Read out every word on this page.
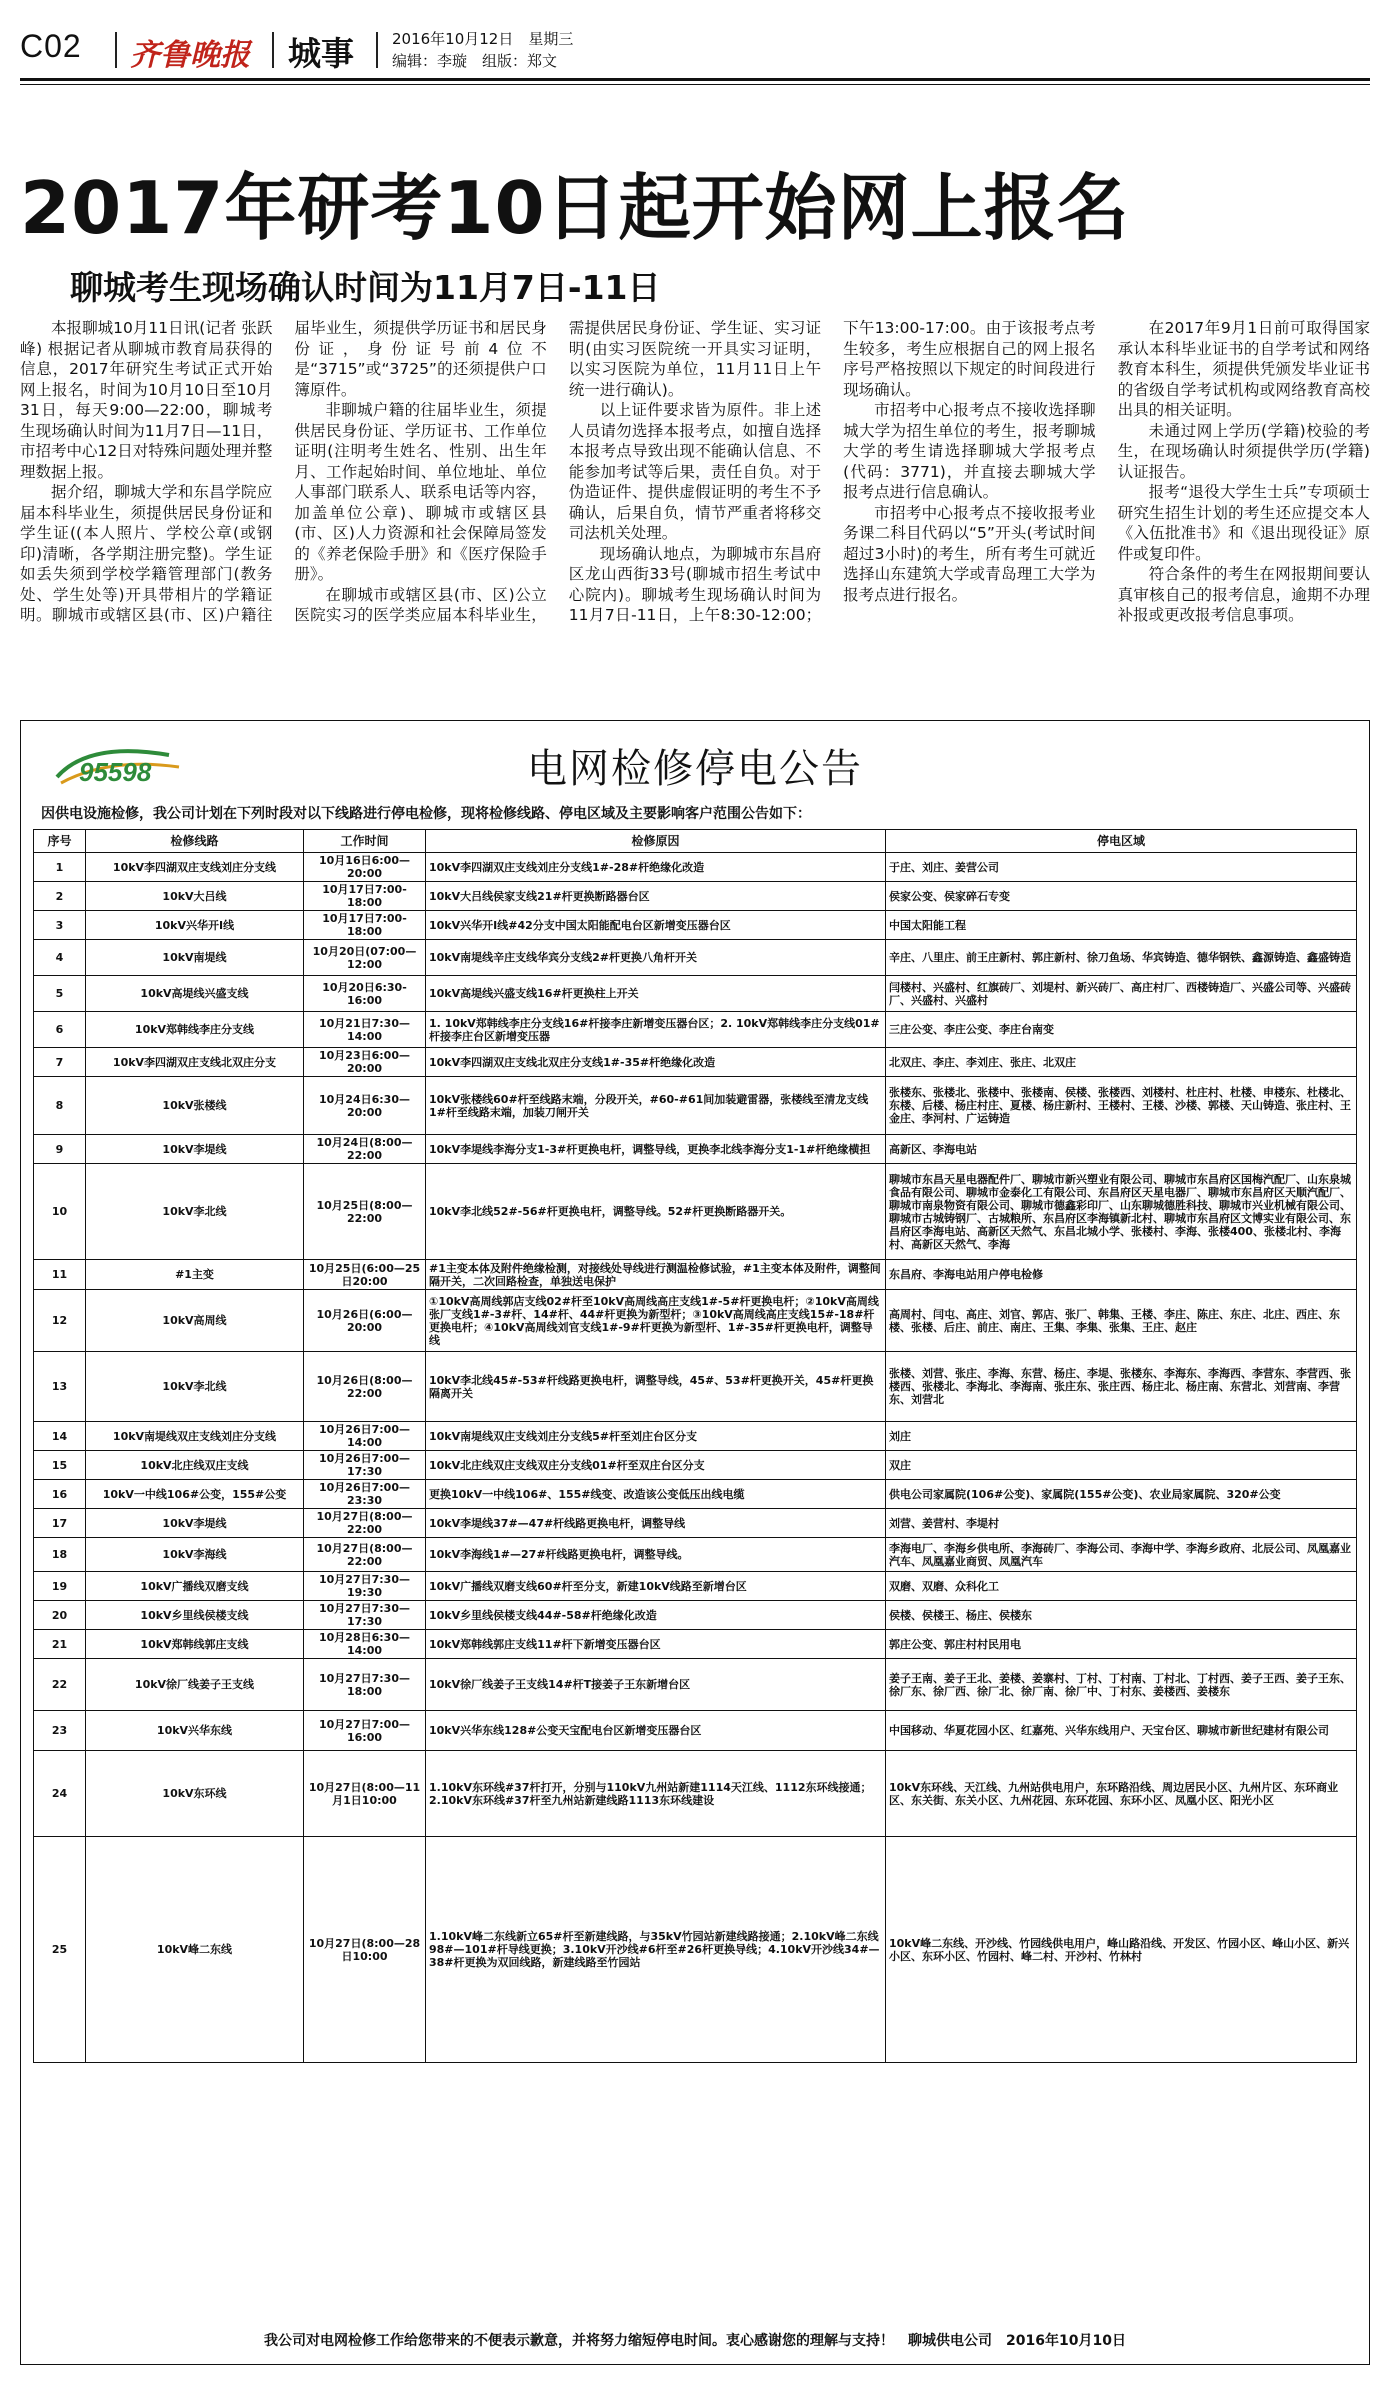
C02 齐鲁晚报 城事	2016年10月12日　星期三
编辑：李璇　组版：郑文
2017年研考10日起开始网上报名
聊城考生现场确认时间为11月7日-11日

本报聊城10月11日讯(记者 张跃峰) 根据记者从聊城市教育局获得的信息，2017年研究生考试正式开始网上报名，时间为10月10日至10月31日，每天9:00—22:00，聊城考生现场确认时间为11月7日—11日，市招考中心12日对特殊问题处理并整理数据上报。

据介绍，聊城大学和东昌学院应届本科毕业生，须提供居民身份证和学生证((本人照片、学校公章(或钢印)清晰，各学期注册完整)。学生证如丢失须到学校学籍管理部门(教务处、学生处等)开具带相片的学籍证明。聊城市或辖区县(市、区)户籍往届毕业生，须提供学历证书和居民身份证，身份证号前4位不是“3715”或“3725”的还须提供户口簿原件。

非聊城户籍的往届毕业生，须提供居民身份证、学历证书、工作单位证明(注明考生姓名、性别、出生年月、工作起始时间、单位地址、单位人事部门联系人、联系电话等内容，加盖单位公章)、聊城市或辖区县(市、区)人力资源和社会保障局签发的《养老保险手册》和《医疗保险手册》。

在聊城市或辖区县(市、区)公立医院实习的医学类应届本科毕业生，需提供居民身份证、学生证、实习证明(由实习医院统一开具实习证明，以实习医院为单位，11月11日上午统一进行确认)。

以上证件要求皆为原件。非上述人员请勿选择本报考点，如擅自选择本报考点导致出现不能确认信息、不能参加考试等后果，责任自负。对于伪造证件、提供虚假证明的考生不予确认，后果自负，情节严重者将移交司法机关处理。

现场确认地点，为聊城市东昌府区龙山西街33号(聊城市招生考试中心院内)。聊城考生现场确认时间为11月7日-11日，上午8:30-12:00；下午13:00-17:00。由于该报考点考生较多，考生应根据自己的网上报名序号严格按照以下规定的时间段进行现场确认。

市招考中心报考点不接收选择聊城大学为招生单位的考生，报考聊城大学的考生请选择聊城大学报考点(代码：3771)，并直接去聊城大学报考点进行信息确认。

市招考中心报考点不接收报考业务课二科目代码以“5”开头(考试时间超过3小时)的考生，所有考生可就近选择山东建筑大学或青岛理工大学为报考点进行报名。

在2017年9月1日前可取得国家承认本科毕业证书的自学考试和网络教育本科生，须提供凭颁发毕业证书的省级自学考试机构或网络教育高校出具的相关证明。

未通过网上学历(学籍)校验的考生，在现场确认时须提供学历(学籍)认证报告。

报考“退役大学生士兵”专项硕士研究生招生计划的考生还应提交本人《入伍批准书》和《退出现役证》原件或复印件。

符合条件的考生在网报期间要认真审核自己的报考信息，逾期不办理补报或更改报考信息事项。

95598	电网检修停电公告
因供电设施检修，我公司计划在下列时段对以下线路进行停电检修，现将检修线路、停电区域及主要影响客户范围公告如下：
序号	检修线路	工作时间	检修原因	停电区域
1	10kV李四湖双庄支线刘庄分支线	10月16日6:00—20:00	10kV李四湖双庄支线刘庄分支线1#-28#杆绝缘化改造	于庄、刘庄、姜营公司
2	10kV大吕线	10月17日7:00-18:00	10kV大吕线侯家支线21#杆更换断路器台区	侯家公变、侯家碎石专变
3	10kV兴华开Ⅰ线	10月17日7:00-18:00	10kV兴华开Ⅰ线#42分支中国太阳能配电台区新增变压器台区	中国太阳能工程
4	10kV南堤线	10月20日(07:00—12:00	10kV南堤线辛庄支线华宾分支线2#杆更换八角杆开关	辛庄、八里庄、前王庄新村、郭庄新村、徐刀鱼场、华宾铸造、德华钢铁、鑫源铸造、鑫盛铸造
5	10kV高堤线兴盛支线	10月20日6:30-16:00	10kV高堤线兴盛支线16#杆更换柱上开关	闫楼村、兴盛村、红旗砖厂、刘堤村、新兴砖厂、高庄村厂、西楼铸造厂、兴盛公司等、兴盛砖厂、兴盛村、兴盛村
6	10kV郑韩线李庄分支线	10月21日7:30—14:00	1. 10kV郑韩线李庄分支线16#杆接李庄新增变压器台区；2. 10kV郑韩线李庄分支线01#杆接李庄台区新增变压器	三庄公变、李庄公变、李庄台南变
7	10kV李四湖双庄支线北双庄分支	10月23日6:00—20:00	10kV李四湖双庄支线北双庄分支线1#-35#杆绝缘化改造	北双庄、李庄、李刘庄、张庄、北双庄
8	10kV张楼线	10月24日6:30—20:00	10kV张楼线60#杆至线路末端，分段开关，#60-#61间加装避雷器，张楼线至清龙支线1#杆至线路末端，加装刀闸开关	张楼东、张楼北、张楼中、张楼南、侯楼、张楼西、刘楼村、杜庄村、杜楼、申楼东、杜楼北、东楼、后楼、杨庄村庄、夏楼、杨庄新村、王楼村、王楼、沙楼、郭楼、天山铸造、张庄村、王金庄、李河村、广运铸造
9	10kV李堤线	10月24日(8:00—22:00	10kV李堤线李海分支1-3#杆更换电杆，调整导线，更换李北线李海分支1-1#杆绝缘横担	高新区、李海电站
10	10kV李北线	10月25日(8:00—22:00	10kV李北线52#-56#杆更换电杆，调整导线。52#杆更换断路器开关。	聊城市东昌天星电器配件厂、聊城市新兴塑业有限公司、聊城市东昌府区国梅汽配厂、山东泉城食品有限公司、聊城市金泰化工有限公司、东昌府区天星电器厂、聊城市东昌府区天顺汽配厂、聊城市南泉物资有限公司、聊城市德鑫彩印厂、山东聊城德胜科技、聊城市兴业机械有限公司、聊城市古城铸钢厂、古城粮所、东昌府区李海镇新北村、聊城市东昌府区文博实业有限公司、东昌府区李海电站、高新区天然气、东昌北城小学、张楼村、李海、张楼400、张楼北村、李海村、高新区天然气、李海
11	#1主变	10月25日(6:00—25日20:00	#1主变本体及附件绝缘检测，对接线处导线进行测温检修试验，#1主变本体及附件，调整间隔开关，二次回路检查，单独送电保护	东昌府、李海电站用户停电检修
12	10kV高周线	10月26日(6:00—20:00	①10kV高周线郭店支线02#杆至10kV高周线高庄支线1#-5#杆更换电杆；②10kV高周线张厂支线1#-3#杆、14#杆、44#杆更换为新型杆；③10kV高周线高庄支线15#-18#杆更换电杆；④10kV高周线刘官支线1#-9#杆更换为新型杆、1#-35#杆更换电杆，调整导线	高周村、闫屯、高庄、刘官、郭店、张厂、韩集、王楼、李庄、陈庄、东庄、北庄、西庄、东楼、张楼、后庄、前庄、南庄、王集、李集、张集、王庄、赵庄
13	10kV李北线	10月26日(8:00—22:00	10kV李北线45#-53#杆线路更换电杆，调整导线，45#、53#杆更换开关，45#杆更换隔离开关	张楼、刘营、张庄、李海、东营、杨庄、李堤、张楼东、李海东、李海西、李营东、李营西、张楼西、张楼北、李海北、李海南、张庄东、张庄西、杨庄北、杨庄南、东营北、刘营南、李营东、刘营北
14	10kV南堤线双庄支线刘庄分支线	10月26日7:00—14:00	10kV南堤线双庄支线刘庄分支线5#杆至刘庄台区分支	刘庄
15	10kV北庄线双庄支线	10月26日7:00—17:30	10kV北庄线双庄支线双庄分支线01#杆至双庄台区分支	双庄
16	10kV一中线106#公变，155#公变	10月26日7:00—23:30	更换10kV一中线106#、155#线变、改造该公变低压出线电缆	供电公司家属院(106#公变)、家属院(155#公变)、农业局家属院、320#公变
17	10kV李堤线	10月27日(8:00—22:00	10kV李堤线37#—47#杆线路更换电杆，调整导线	刘营、姜营村、李堤村
18	10kV李海线	10月27日(8:00—22:00	10kV李海线1#—27#杆线路更换电杆，调整导线。	李海电厂、李海乡供电所、李海砖厂、李海公司、李海中学、李海乡政府、北辰公司、凤凰嘉业汽车、凤凰嘉业商贸、凤凰汽车
19	10kV广播线双磨支线	10月27日7:30—19:30	10kV广播线双磨支线60#杆至分支，新建10kV线路至新增台区	双磨、双磨、众科化工
20	10kV乡里线侯楼支线	10月27日7:30—17:30	10kV乡里线侯楼支线44#-58#杆绝缘化改造	侯楼、侯楼王、杨庄、侯楼东
21	10kV郑韩线郭庄支线	10月28日6:30—14:00	10kV郑韩线郭庄支线11#杆下新增变压器台区	郭庄公变、郭庄村村民用电
22	10kV徐厂线姜子王支线	10月27日7:30—18:00	10kV徐厂线姜子王支线14#杆T接姜子王东新增台区	姜子王南、姜子王北、姜楼、姜寨村、丁村、丁村南、丁村北、丁村西、姜子王西、姜子王东、徐厂东、徐厂西、徐厂北、徐厂南、徐厂中、丁村东、姜楼西、姜楼东
23	10kV兴华东线	10月27日7:00—16:00	10kV兴华东线128#公变天宝配电台区新增变压器台区	中国移动、华夏花园小区、红嘉苑、兴华东线用户、天宝台区、聊城市新世纪建材有限公司
24	10kV东环线	10月27日(8:00—11月1日10:00	1.10kV东环线#37杆打开，分别与110kV九州站新建1114天江线、1112东环线接通；2.10kV东环线#37杆至九州站新建线路1113东环线建设	10kV东环线、天江线、九州站供电用户，东环路沿线、周边居民小区、九州片区、东环商业区、东关街、东关小区、九州花园、东环花园、东环小区、凤凰小区、阳光小区
25	10kV峰二东线	10月27日(8:00—28日10:00	1.10kV峰二东线新立65#杆至新建线路，与35kV竹园站新建线路接通；2.10kV峰二东线98#—101#杆导线更换；3.10kV开沙线#6杆至#26杆更换导线；4.10kV开沙线34#—38#杆更换为双回线路，新建线路至竹园站	10kV峰二东线、开沙线、竹园线供电用户，峰山路沿线、开发区、竹园小区、峰山小区、新兴小区、东环小区、竹园村、峰二村、开沙村、竹林村
我公司对电网检修工作给您带来的不便表示歉意，并将努力缩短停电时间。衷心感谢您的理解与支持！　聊城供电公司　2016年10月10日
